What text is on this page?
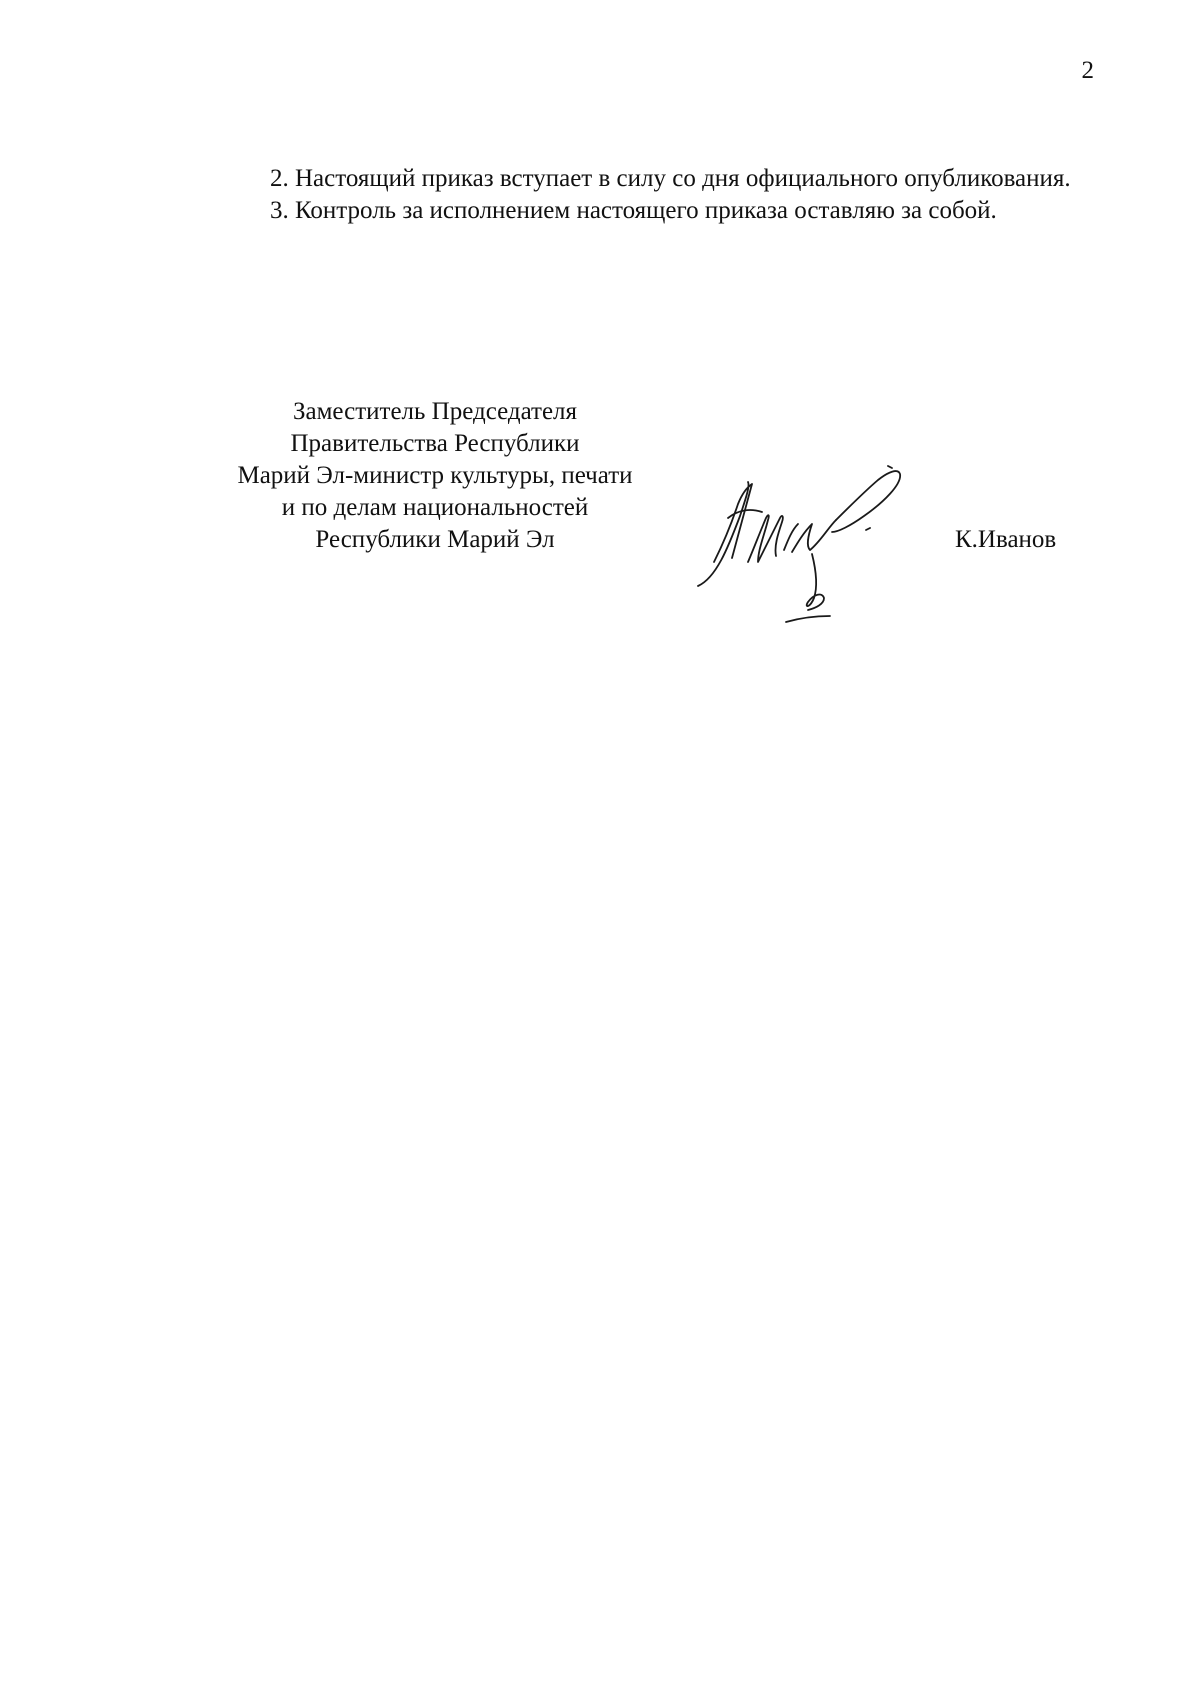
2

2. Настоящий приказ вступает в силу со дня официального опубликования.

3. Контроль за исполнением настоящего приказа оставляю за собой.

Заместитель Председателя
Правительства Республики
Марий Эл-министр культуры, печати
и по делам национальностей
Республики Марий Эл	К.Иванов
